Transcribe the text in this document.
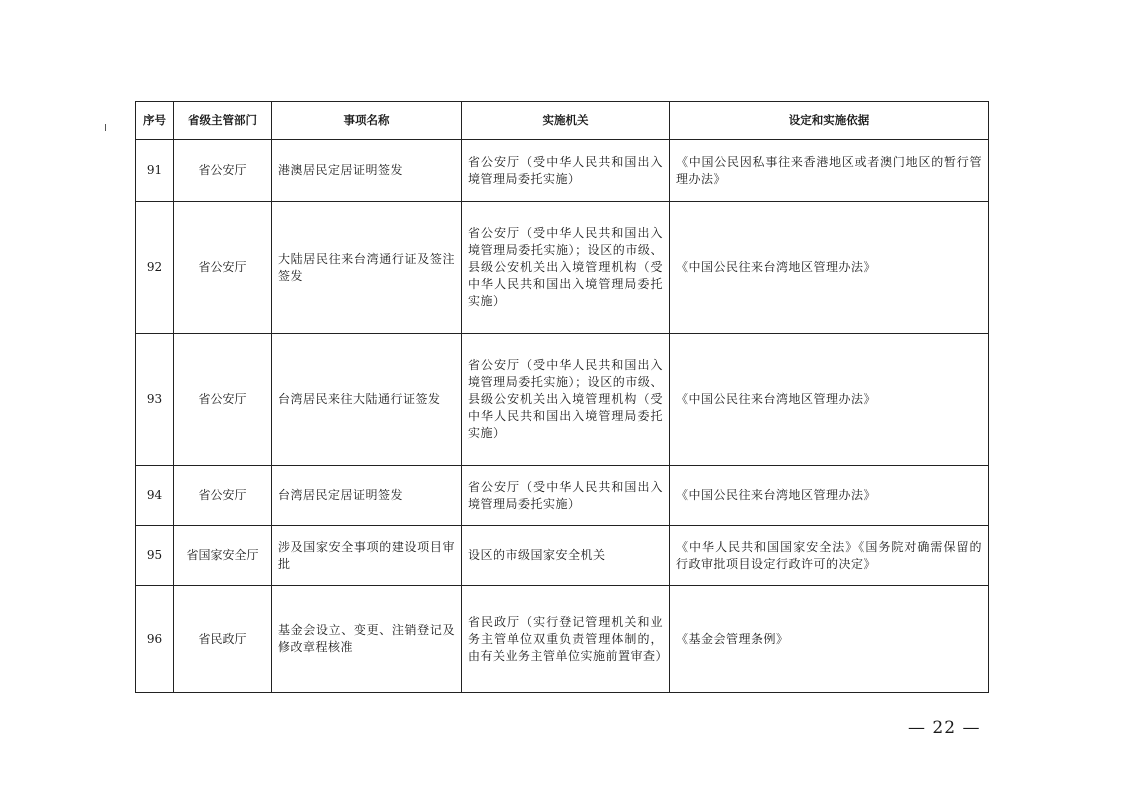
序号	省级主管部门	事项名称	实施机关	设定和实施依据
91	省公安厅	港澳居民定居证明签发	省公安厅（受中华人民共和国出入境管理局委托实施）	《中国公民因私事往来香港地区或者澳门地区的暂行管理办法》
92	省公安厅	大陆居民往来台湾通行证及签注签发	省公安厅（受中华人民共和国出入境管理局委托实施）；设区的市级、县级公安机关出入境管理机构（受中华人民共和国出入境管理局委托实施）	《中国公民往来台湾地区管理办法》
93	省公安厅	台湾居民来往大陆通行证签发	省公安厅（受中华人民共和国出入境管理局委托实施）；设区的市级、县级公安机关出入境管理机构（受中华人民共和国出入境管理局委托实施）	《中国公民往来台湾地区管理办法》
94	省公安厅	台湾居民定居证明签发	省公安厅（受中华人民共和国出入境管理局委托实施）	《中国公民往来台湾地区管理办法》
95	省国家安全厅	涉及国家安全事项的建设项目审批	设区的市级国家安全机关	《中华人民共和国国家安全法》《国务院对确需保留的行政审批项目设定行政许可的决定》
96	省民政厅	基金会设立、变更、注销登记及修改章程核准	省民政厅（实行登记管理机关和业务主管单位双重负责管理体制的，由有关业务主管单位实施前置审查）	《基金会管理条例》
— 22 —
